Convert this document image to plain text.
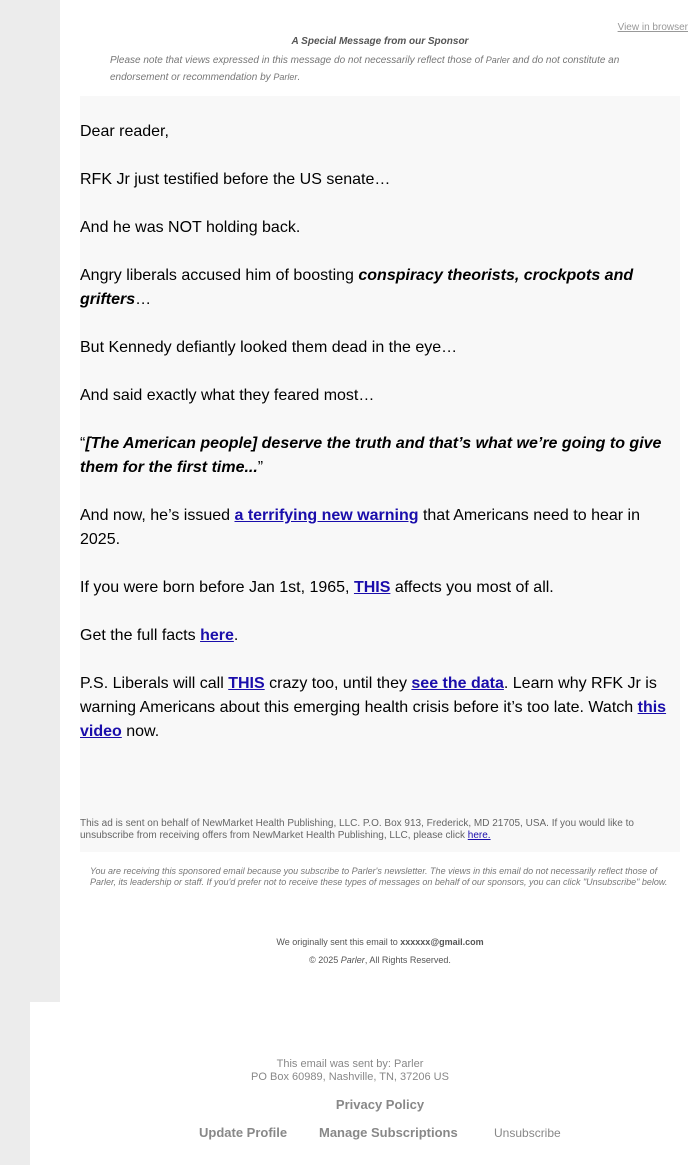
View in browser
A Special Message from our Sponsor
Please note that views expressed in this message do not necessarily reflect those of Parler and do not constitute an endorsement or recommendation by Parler.

Dear reader,

RFK Jr just testified before the US senate…

And he was NOT holding back.

Angry liberals accused him of boosting conspiracy theorists, crockpots and grifters…

But Kennedy defiantly looked them dead in the eye…

And said exactly what they feared most…

“[The American people] deserve the truth and that’s what we’re going to give them for the first time...”

And now, he’s issued a terrifying new warning that Americans need to hear in 2025.

If you were born before Jan 1st, 1965, THIS affects you most of all.

Get the full facts here.

P.S. Liberals will call THIS crazy too, until they see the data. Learn why RFK Jr is warning Americans about this emerging health crisis before it’s too late. Watch this video now.

This ad is sent on behalf of NewMarket Health Publishing, LLC. P.O. Box 913, Frederick, MD 21705, USA. If you would like to unsubscribe from receiving offers from NewMarket Health Publishing, LLC, please click here.
You are receiving this sponsored email because you subscribe to Parler's newsletter. The views in this email do not necessarily reflect those of Parler, its leadership or staff. If you'd prefer not to receive these types of messages on behalf of our sponsors, you can click "Unsubscribe" below.
We originally sent this email to xxxxxx@gmail.com
© 2025 Parler, All Rights Reserved.
This email was sent by: Parler
PO Box 60989, Nashville, TN, 37206 US
Privacy Policy
Update Profile Manage Subscriptions	Unsubscribe
